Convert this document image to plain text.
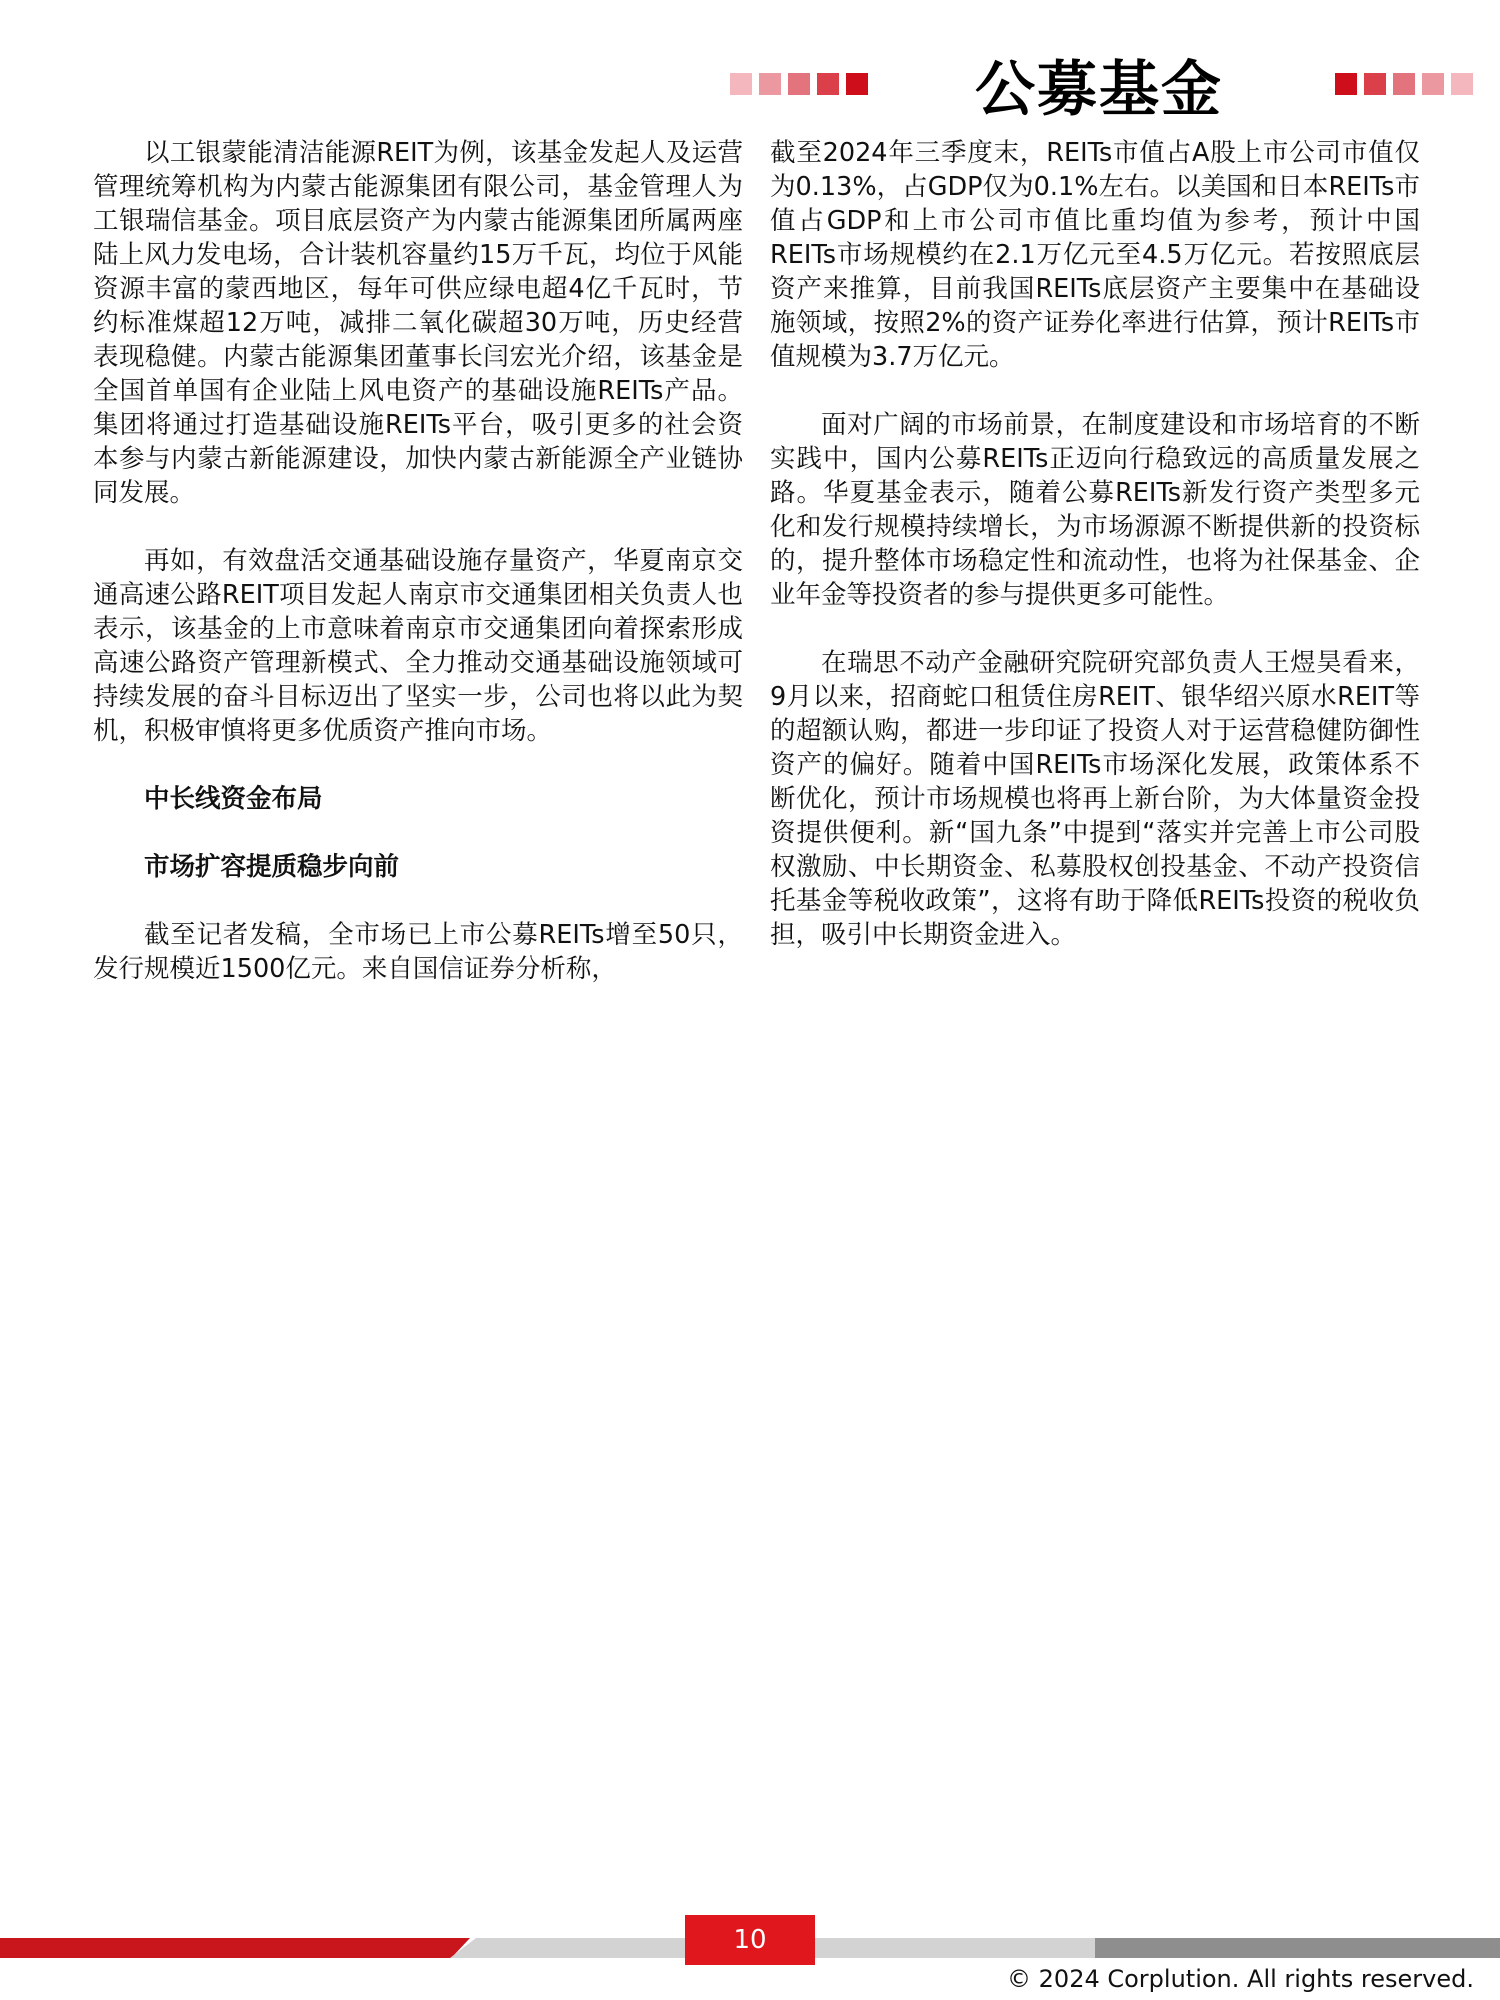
公募基金

以工银蒙能清洁能源REIT为例，该基金发起人及运营管理统筹机构为内蒙古能源集团有限公司，基金管理人为工银瑞信基金。项目底层资产为内蒙古能源集团所属两座陆上风力发电场，合计装机容量约15万千瓦，均位于风能资源丰富的蒙西地区，每年可供应绿电超4亿千瓦时，节约标准煤超12万吨，减排二氧化碳超30万吨，历史经营表现稳健。内蒙古能源集团董事长闫宏光介绍，该基金是全国首单国有企业陆上风电资产的基础设施REITs产品。集团将通过打造基础设施REITs平台，吸引更多的社会资本参与内蒙古新能源建设，加快内蒙古新能源全产业链协同发展。

再如，有效盘活交通基础设施存量资产，华夏南京交通高速公路REIT项目发起人南京市交通集团相关负责人也表示，该基金的上市意味着南京市交通集团向着探索形成高速公路资产管理新模式、全力推动交通基础设施领域可持续发展的奋斗目标迈出了坚实一步，公司也将以此为契机，积极审慎将更多优质资产推向市场。

中长线资金布局

市场扩容提质稳步向前

截至记者发稿，全市场已上市公募REITs增至50只，发行规模近1500亿元。来自国信证券分析称，

截至2024年三季度末，REITs市值占A股上市公司市值仅为0.13%，占GDP仅为0.1%左右。以美国和日本REITs市值占GDP和上市公司市值比重均值为参考，预计中国REITs市场规模约在2.1万亿元至4.5万亿元。若按照底层资产来推算，目前我国REITs底层资产主要集中在基础设施领域，按照2%的资产证券化率进行估算，预计REITs市值规模为3.7万亿元。

面对广阔的市场前景，在制度建设和市场培育的不断实践中，国内公募REITs正迈向行稳致远的高质量发展之路。华夏基金表示，随着公募REITs新发行资产类型多元化和发行规模持续增长，为市场源源不断提供新的投资标的，提升整体市场稳定性和流动性，也将为社保基金、企业年金等投资者的参与提供更多可能性。

在瑞思不动产金融研究院研究部负责人王煜昊看来，9月以来，招商蛇口租赁住房REIT、银华绍兴原水REIT等的超额认购，都进一步印证了投资人对于运营稳健防御性资产的偏好。随着中国REITs市场深化发展，政策体系不断优化，预计市场规模也将再上新台阶，为大体量资金投资提供便利。新“国九条”中提到“落实并完善上市公司股权激励、中长期资金、私募股权创投基金、不动产投资信托基金等税收政策”，这将有助于降低REITs投资的税收负担，吸引中长期资金进入。

10
© 2024 Corplution. All rights reserved.
